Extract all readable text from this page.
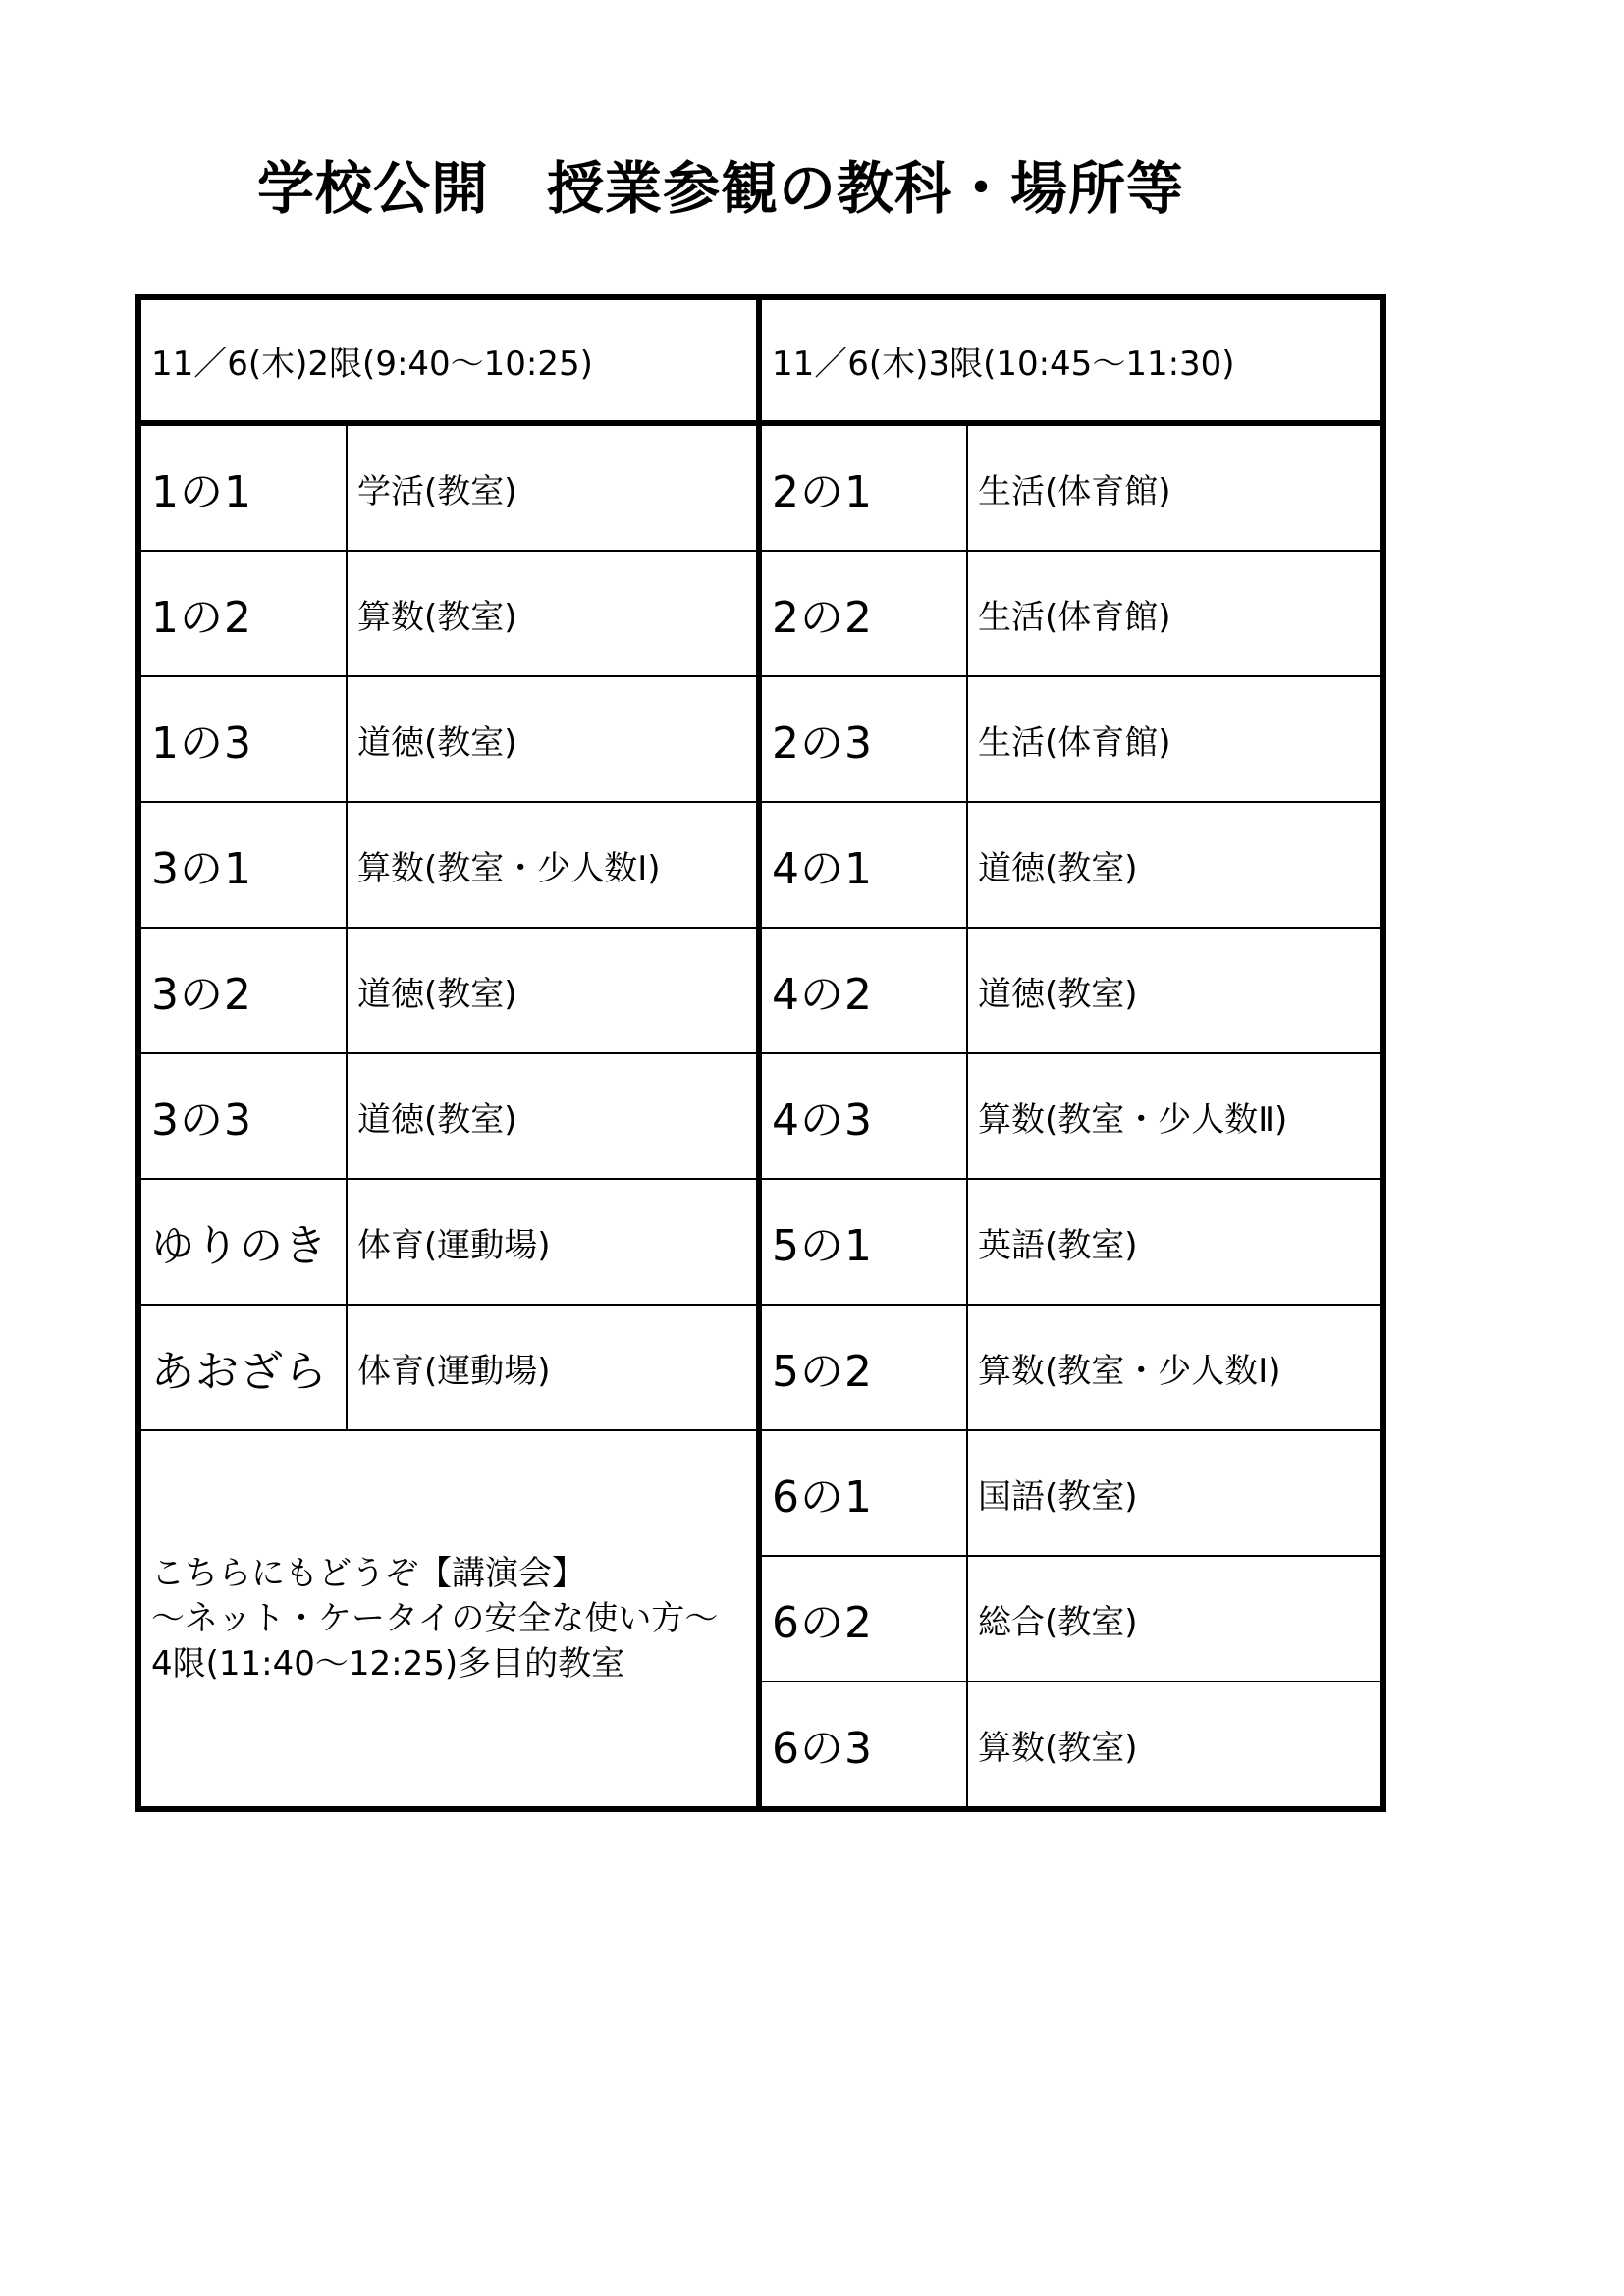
学校公開　授業参観の教科・場所等
11／6(木)2限(9:40～10:25)		11／6(木)3限(10:45～11:30)	
1の1	学活(教室)	2の1	生活(体育館)
1の2	算数(教室)	2の2	生活(体育館)
1の3	道徳(教室)	2の3	生活(体育館)
3の1	算数(教室・少人数Ⅰ)	4の1	道徳(教室)
3の2	道徳(教室)	4の2	道徳(教室)
3の3	道徳(教室)	4の3	算数(教室・少人数Ⅱ)
ゆりのき	体育(運動場)	5の1	英語(教室)
あおざら	体育(運動場)	5の2	算数(教室・少人数Ⅰ)

こちらにもどうぞ【講演会】
～ネット・ケータイの安全な使い方～
4限(11:40～12:25)多目的教室		6の1	国語(教室)
		6の2	総合(教室)
		6の3	算数(教室)
